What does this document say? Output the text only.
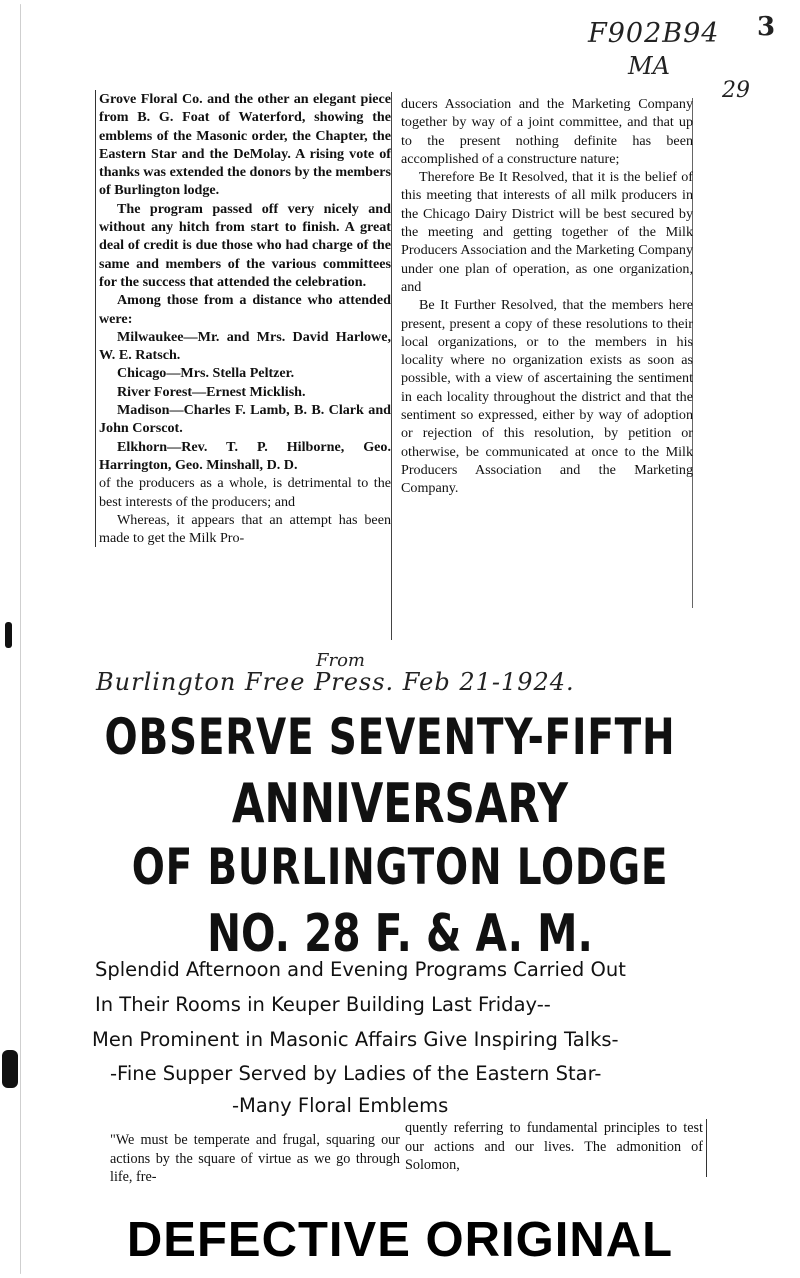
F902B94 3
MA
29

Grove Floral Co. and the other an elegant piece from B. G. Foat of Waterford, showing the emblems of the Masonic order, the Chapter, the Eastern Star and the DeMolay. A rising vote of thanks was extended the donors by the members of Burlington lodge.

The program passed off very nicely and without any hitch from start to finish. A great deal of credit is due those who had charge of the same and members of the various committees for the success that attended the celebration.

Among those from a distance who attended were:

Milwaukee—Mr. and Mrs. David Harlowe, W. E. Ratsch.

Chicago—Mrs. Stella Peltzer.

River Forest—Ernest Micklish.

Madison—Charles F. Lamb, B. B. Clark and John Corscot.

Elkhorn—Rev. T. P. Hilborne, Geo. Harrington, Geo. Minshall, D. D.

of the producers as a whole, is detrimental to the best interests of the producers; and

Whereas, it appears that an attempt has been made to get the Milk Pro-

ducers Association and the Marketing Company together by way of a joint committee, and that up to the present nothing definite has been accomplished of a constructure nature;

Therefore Be It Resolved, that it is the belief of this meeting that interests of all milk producers in the Chicago Dairy District will be best secured by the meeting and getting together of the Milk Producers Association and the Marketing Company under one plan of operation, as one organization, and

Be It Further Resolved, that the members here present, present a copy of these resolutions to their local organizations, or to the members in his locality where no organization exists as soon as possible, with a view of ascertaining the sentiment in each locality throughout the district and that the sentiment so expressed, either by way of adoption or rejection of this resolution, by petition or otherwise, be communicated at once to the Milk Producers Association and the Marketing Company.

From
Burlington Free Press. Feb 21-1924.
OBSERVE SEVENTY-FIFTH
ANNIVERSARY
OF BURLINGTON LODGE
NO. 28 F. & A. M.
Splendid Afternoon and Evening Programs Carried Out
In Their Rooms in Keuper Building Last Friday--
Men Prominent in Masonic Affairs Give Inspiring Talks-
-Fine Supper Served by Ladies of the Eastern Star-
-Many Floral Emblems
"We must be temperate and frugal, squaring our actions by the square of virtue as we go through life, fre-
quently referring to fundamental principles to test our actions and our lives. The admonition of Solomon,
DEFECTIVE ORIGINAL
